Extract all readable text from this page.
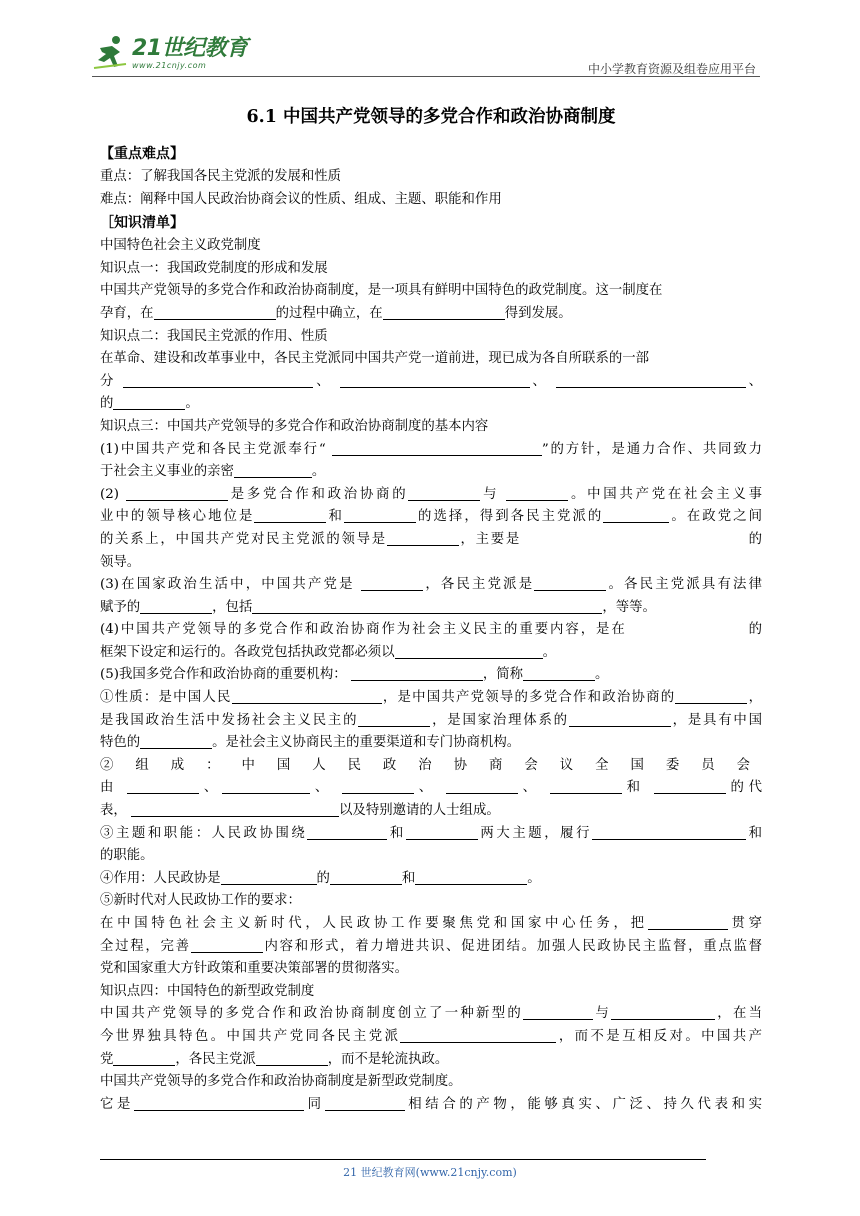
21世纪教育
www.21cnjy.com	中小学教育资源及组卷应用平台
6.1 中国共产党领导的多党合作和政治协商制度
【重点难点】
重点：了解我国各民主党派的发展和性质
难点：阐释中国人民政治协商会议的性质、组成、主题、职能和作用
［知识清单】
中国特色社会主义政党制度
知识点一：我国政党制度的形成和发展
中国共产党领导的多党合作和政治协商制度，是一项具有鲜明中国特色的政党制度。这一制度在
孕育，在	的过程中确立，在	得到发展。
知识点二：我国民主党派的作用、性质
在革命、建设和改革事业中，各民主党派同中国共产党一道前进，现已成为各自所联系的一部
分	、	、	、
的	。
知识点三：中国共产党领导的多党合作和政治协商制度的基本内容
(1)中国共产党和各民主党派奉行“	”的方针，是通力合作、共同致力
于社会主义事业的亲密	。
(2)	是多党合作和政治协商的	与	。中国共产党在社会主义事
业中的领导核心地位是	和	的选择，得到各民主党派的	。在政党之间
的关系上，中国共产党对民主党派的领导是	，主要是	的
领导。
(3)在国家政治生活中，中国共产党是	，各民主党派是	。各民主党派具有法律
赋予的	，包括	，等等。
(4)中国共产党领导的多党合作和政治协商作为社会主义民主的重要内容，是在	的
框架下设定和运行的。各政党包括执政党都必须以	。
(5)我国多党合作和政治协商的重要机构：	，简称	。
①性质：是中国人民	，是中国共产党领导的多党合作和政治协商的	，
是我国政治生活中发扬社会主义民主的	，是国家治理体系的	，是具有中国
特色的	。是社会主义协商民主的重要渠道和专门协商机构。
②组成：中国人民政治协商会议全国委员会
由	、	、	、	、	和	的代
表，	以及特别邀请的人士组成。
③主题和职能：人民政协围绕	和	两大主题，履行	和
的职能。
④作用：人民政协是	的	和	。
⑤新时代对人民政协工作的要求：
在中国特色社会主义新时代，人民政协工作要聚焦党和国家中心任务，把	贯穿
全过程，完善	内容和形式，着力增进共识、促进团结。加强人民政协民主监督，重点监督
党和国家重大方针政策和重要决策部署的贯彻落实。
知识点四：中国特色的新型政党制度
中国共产党领导的多党合作和政治协商制度创立了一种新型的	与	，在当
今世界独具特色。中国共产党同各民主党派	，而不是互相反对。中国共产
党	，各民主党派	，而不是轮流执政。
中国共产党领导的多党合作和政治协商制度是新型政党制度。
它是	同	相结合的产物，能够真实、广泛、持久代表和实
21 世纪教育网(www.21cnjy.com)
